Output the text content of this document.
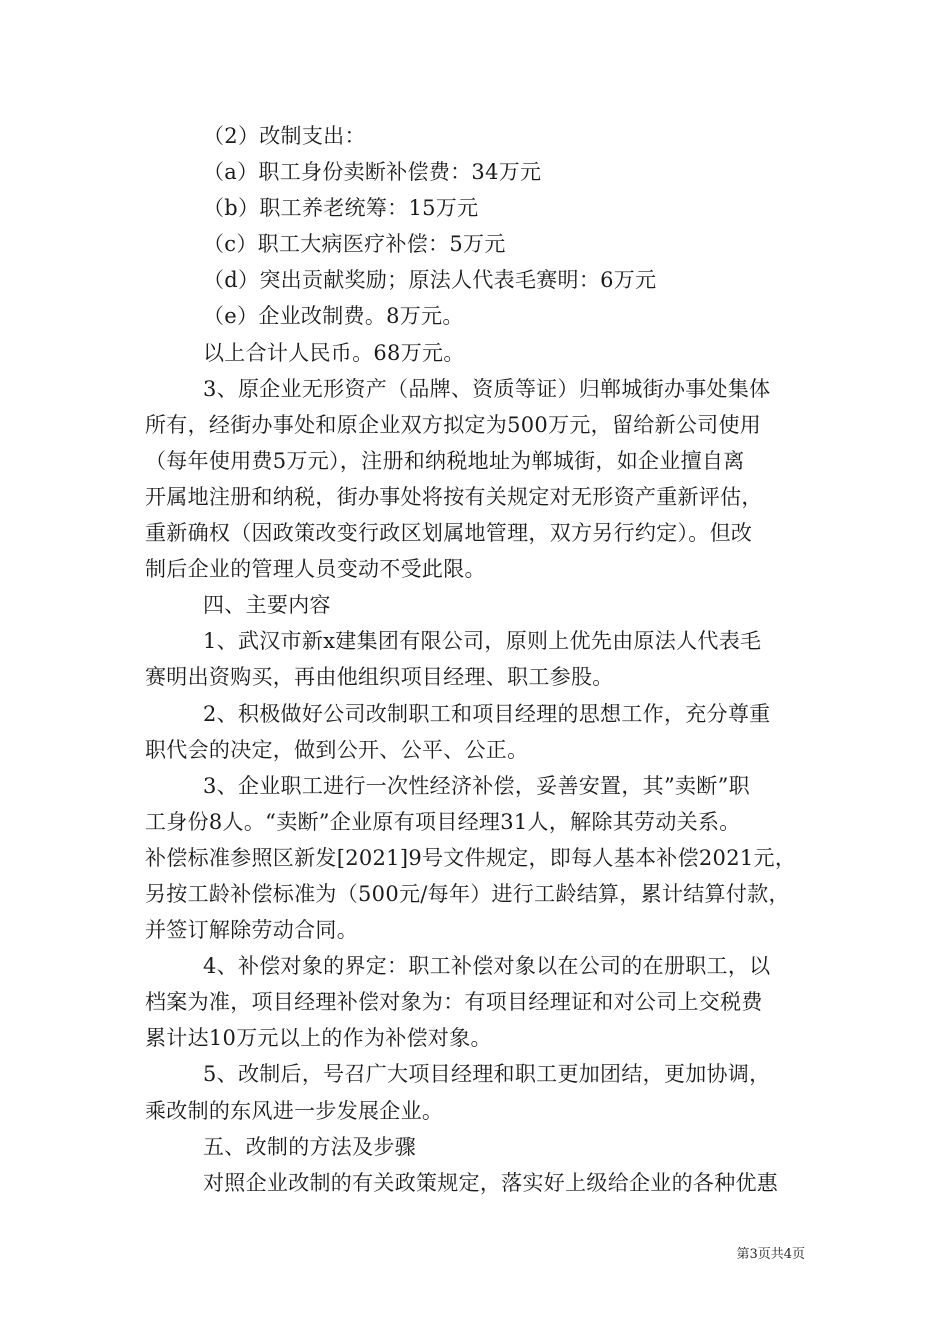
（2）改制支出：
（a）职工身份卖断补偿费：34万元
（b）职工养老统筹：15万元
（c）职工大病医疗补偿：5万元
（d）突出贡献奖励；原法人代表毛赛明：6万元
（e）企业改制费。8万元。
以上合计人民币。68万元。
3、原企业无形资产（品牌、资质等证）归郸城街办事处集体
所有，经街办事处和原企业双方拟定为500万元，留给新公司使用
（每年使用费5万元），注册和纳税地址为郸城街，如企业擅自离
开属地注册和纳税，街办事处将按有关规定对无形资产重新评估，
重新确权（因政策改变行政区划属地管理，双方另行约定）。但改
制后企业的管理人员变动不受此限。
四、主要内容
1、武汉市新x建集团有限公司，原则上优先由原法人代表毛
赛明出资购买，再由他组织项目经理、职工参股。
2、积极做好公司改制职工和项目经理的思想工作，充分尊重
职代会的决定，做到公开、公平、公正。
3、企业职工进行一次性经济补偿，妥善安置，其”卖断”职
工身份8人。“卖断”企业原有项目经理31人，解除其劳动关系。
补偿标准参照区新发[2021]9号文件规定，即每人基本补偿2021元，
另按工龄补偿标准为（500元/每年）进行工龄结算，累计结算付款，
并签订解除劳动合同。
4、补偿对象的界定：职工补偿对象以在公司的在册职工，以
档案为准，项目经理补偿对象为：有项目经理证和对公司上交税费
累计达10万元以上的作为补偿对象。
5、改制后，号召广大项目经理和职工更加团结，更加协调，
乘改制的东风进一步发展企业。
五、改制的方法及步骤
对照企业改制的有关政策规定，落实好上级给企业的各种优惠
第3页共4页
